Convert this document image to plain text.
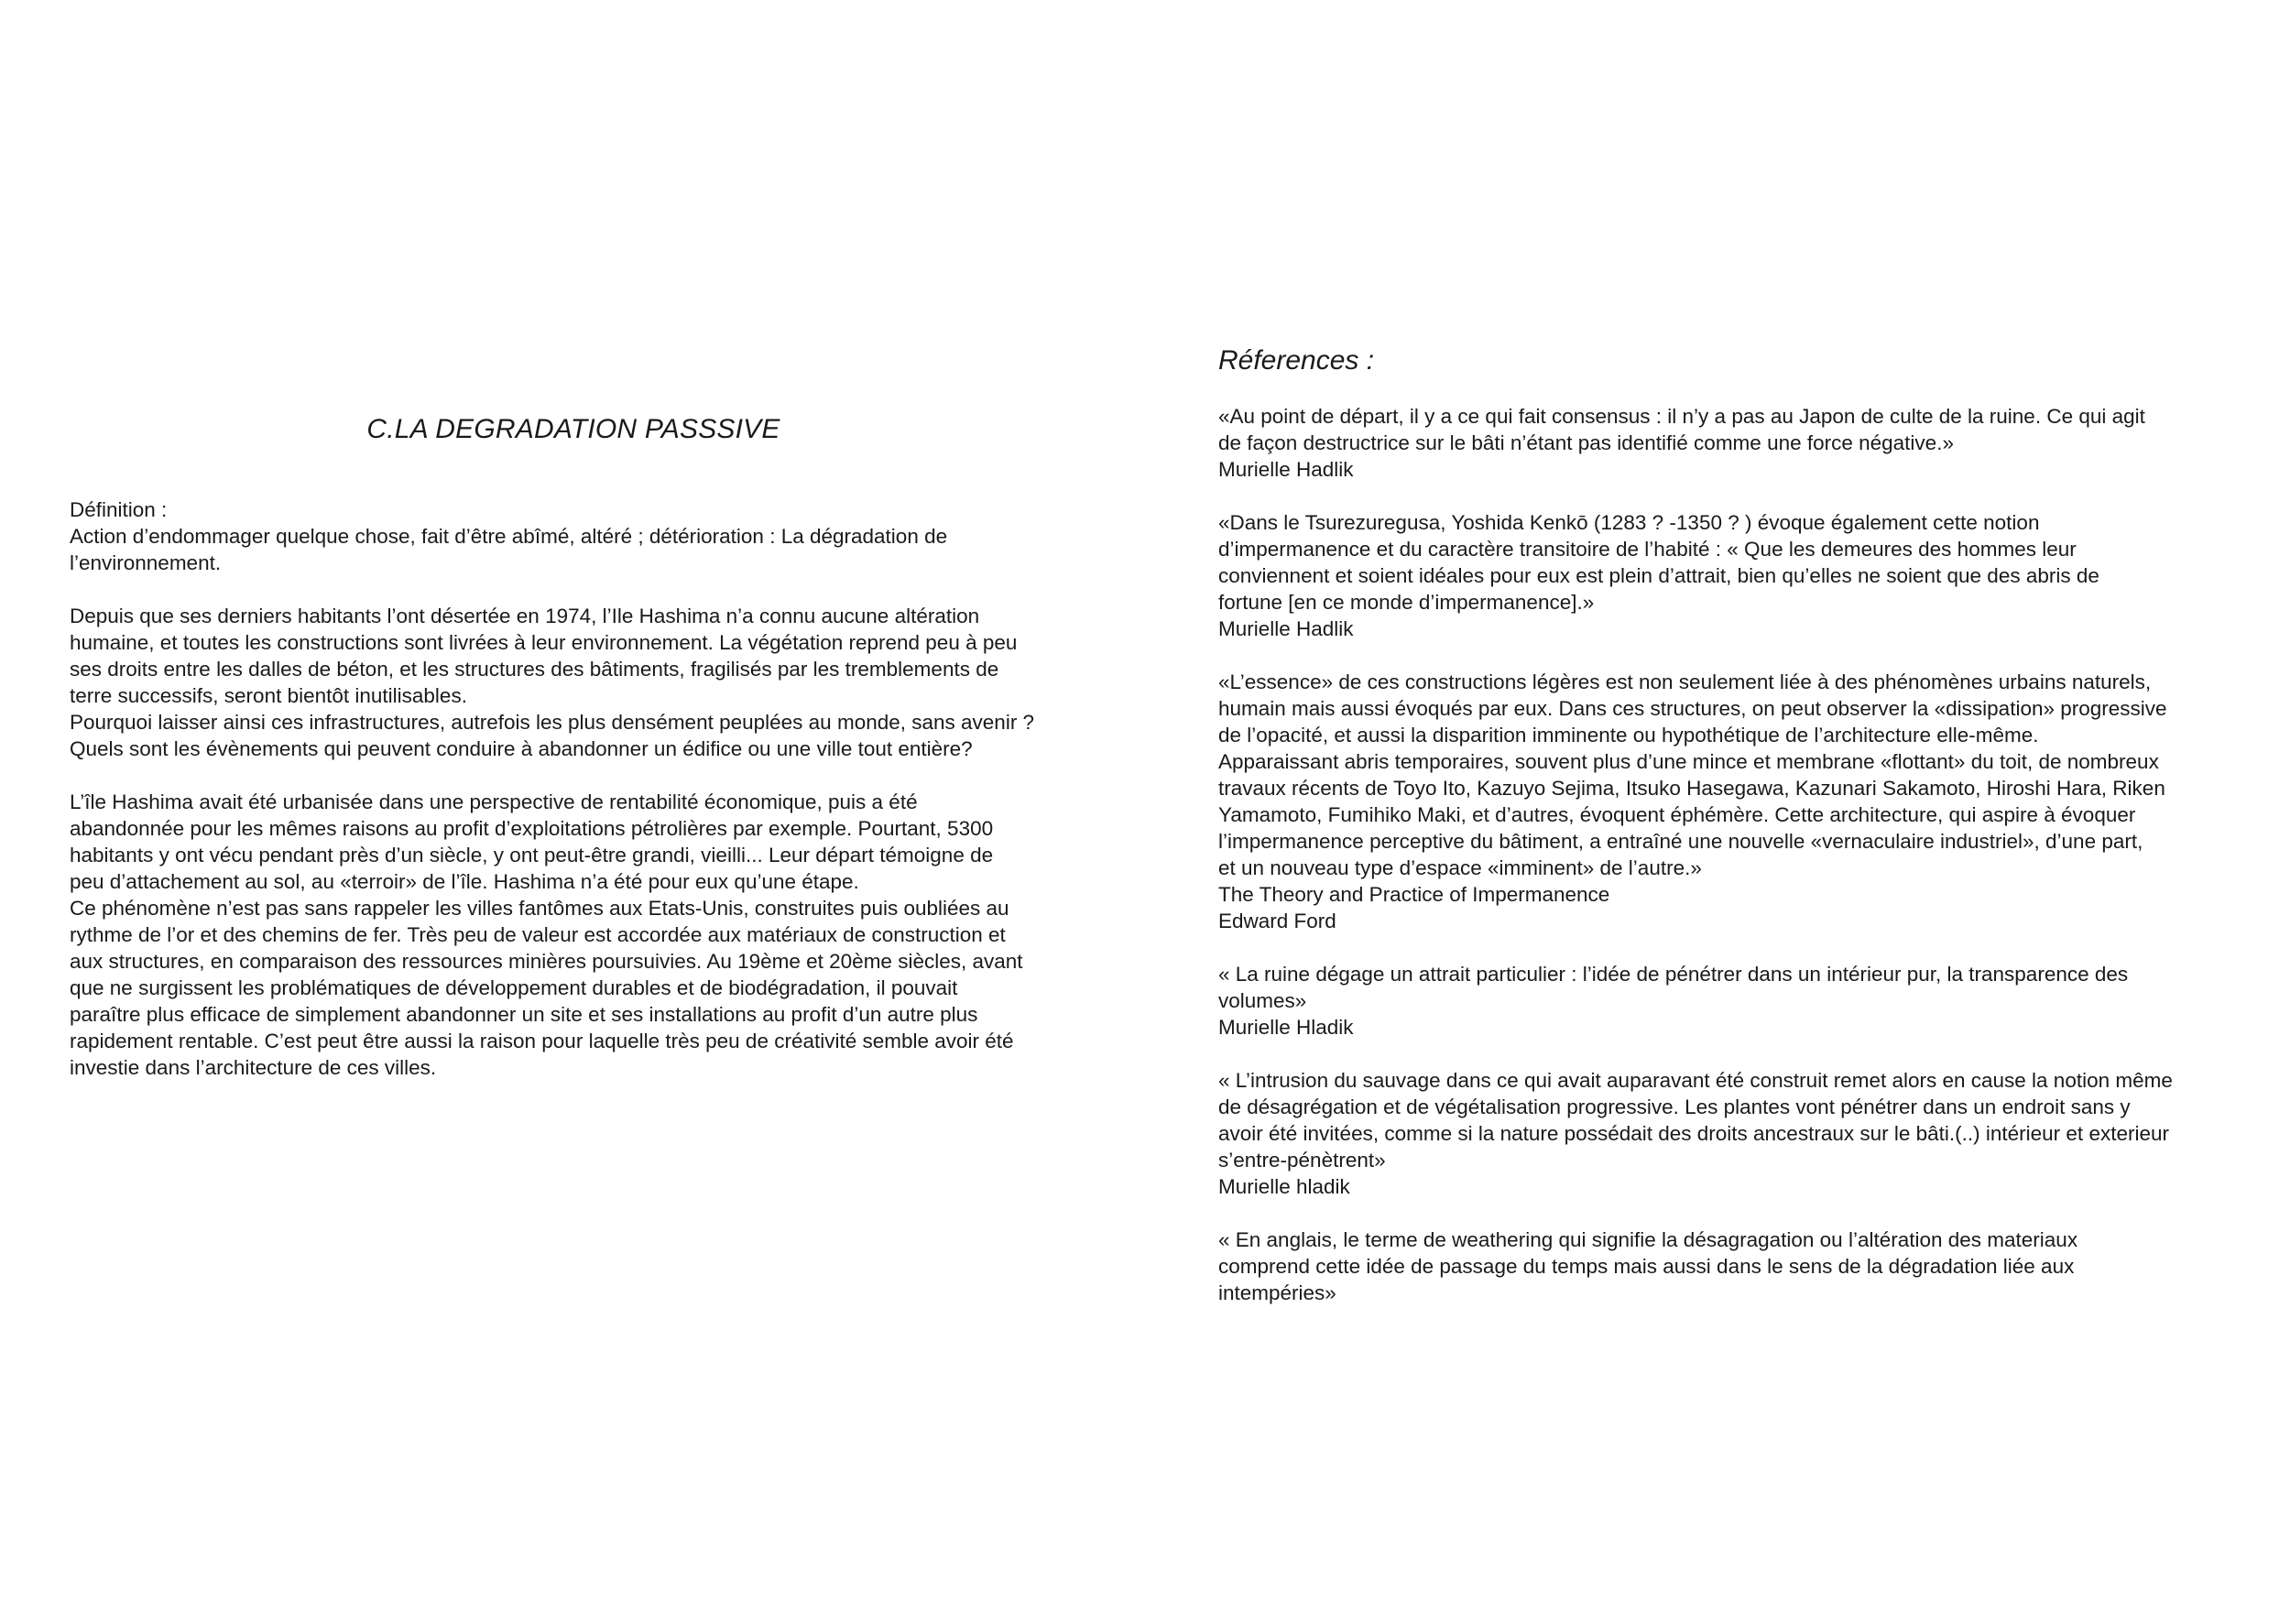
C.LA DEGRADATION PASSSIVE

Définition :

Action d’endommager quelque chose, fait d’être abîmé, altéré ; détérioration : La dégradation de
l’environnement.

Depuis que ses derniers habitants l’ont désertée en 1974, l’Ile Hashima n’a connu aucune altération
humaine, et toutes les constructions sont livrées à leur environnement. La végétation reprend peu à peu
ses droits entre les dalles de béton, et les structures des bâtiments, fragilisés par les tremblements de
terre successifs, seront bientôt inutilisables.
Pourquoi laisser ainsi ces infrastructures, autrefois les plus densément peuplées au monde, sans avenir ?
Quels sont les évènements qui peuvent conduire à abandonner un édifice ou une ville tout entière?

L’île Hashima avait été urbanisée dans une perspective de rentabilité économique, puis a été
abandonnée pour les mêmes raisons au profit d’exploitations pétrolières par exemple. Pourtant, 5300
habitants y ont vécu pendant près d’un siècle, y ont peut-être grandi, vieilli... Leur départ témoigne de
peu d’attachement au sol, au «terroir» de l’île. Hashima n’a été pour eux qu’une étape.
Ce phénomène n’est pas sans rappeler les villes fantômes aux Etats-Unis, construites puis oubliées au
rythme de l’or et des chemins de fer. Très peu de valeur est accordée aux matériaux de construction et
aux structures, en comparaison des ressources minières poursuivies. Au 19ème et 20ème siècles, avant
que ne surgissent les problématiques de développement durables et de biodégradation, il pouvait
paraître plus efficace de simplement abandonner un site et ses installations au profit d’un autre plus
rapidement rentable. C’est peut être aussi la raison pour laquelle très peu de créativité semble avoir été
investie dans l’architecture de ces villes.

Réferences :

«Au point de départ, il y a ce qui fait consensus : il n’y a pas au Japon de culte de la ruine. Ce qui agit
de façon destructrice sur le bâti n’étant pas identifié comme une force négative.»
Murielle Hadlik

«Dans le Tsurezuregusa, Yoshida Kenkō (1283 ? -1350 ? ) évoque également cette notion
d’impermanence et du caractère transitoire de l’habité : « Que les demeures des hommes leur
conviennent et soient idéales pour eux est plein d’attrait, bien qu’elles ne soient que des abris de
fortune [en ce monde d’impermanence].»
Murielle Hadlik

«L’essence» de ces constructions légères est non seulement liée à des phénomènes urbains naturels,
humain mais aussi évoqués par eux. Dans ces structures, on peut observer la «dissipation» progressive
de l’opacité, et aussi la disparition imminente ou hypothétique de l’architecture elle-même.
Apparaissant abris temporaires, souvent plus d’une mince et membrane «flottant» du toit, de nombreux
travaux récents de Toyo Ito, Kazuyo Sejima, Itsuko Hasegawa, Kazunari Sakamoto, Hiroshi Hara, Riken
Yamamoto, Fumihiko Maki, et d’autres, évoquent éphémère. Cette architecture, qui aspire à évoquer
l’impermanence perceptive du bâtiment, a entraîné une nouvelle «vernaculaire industriel», d’une part,
et un nouveau type d’espace «imminent» de l’autre.»
The Theory and Practice of Impermanence
Edward Ford

« La ruine dégage un attrait particulier : l’idée de pénétrer dans un intérieur pur, la transparence des
volumes»
Murielle Hladik

« L’intrusion du sauvage dans ce qui avait auparavant été construit remet alors en cause la notion même
de désagrégation et de végétalisation progressive. Les plantes vont pénétrer dans un endroit sans y
avoir été invitées, comme si la nature possédait des droits ancestraux sur le bâti.(..) intérieur et exterieur
s’entre-pénètrent»
Murielle hladik

« En anglais, le terme de weathering qui signifie la désagragation ou l’altération des materiaux
comprend cette idée de passage du temps mais aussi dans le sens de la dégradation liée aux
intempéries»
